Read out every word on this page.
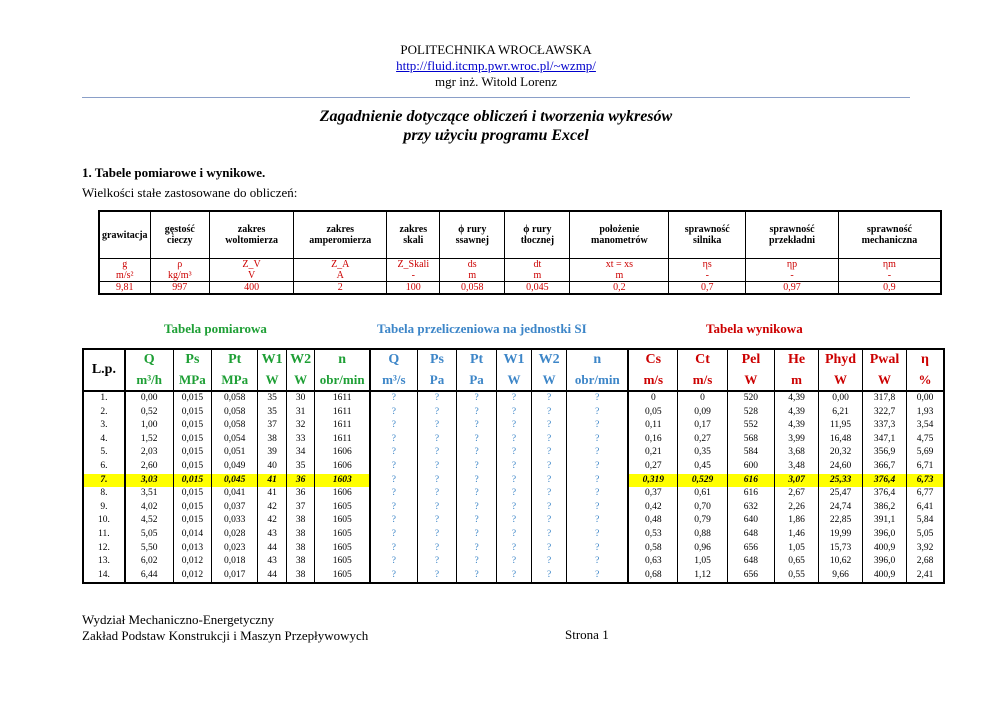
POLITECHNIKA WROCŁAWSKA
http://fluid.itcmp.pwr.wroc.pl/~wzmp/
mgr inż. Witold Lorenz
Zagadnienie dotyczące obliczeń i tworzenia wykresów
przy użyciu programu Excel
1. Tabele pomiarowe i wynikowe.
Wielkości stałe zastosowane do obliczeń:
grawitacja	gęstość cieczy	zakres woltomierza	zakres amperomierza	zakres skali	ϕ rury ssawnej	ϕ rury tłocznej	położenie manometrów	sprawność silnika	sprawność przekładni	sprawność mechaniczna
g	ρ	Z_V	Z_A	Z_Skali	ds	dt	xt = xs	ηs	ηp	ηm
m/s²	kg/m³	V	A	-	m	m	m	-	-	-
9,81	997	400	2	100	0,058	0,045	0,2	0,7	0,97	0,9
Tabela pomiarowa	Tabela przeliczeniowa na jednostki SI	Tabela wynikowa
L.p.	Q	Ps	Pt	W1	W2	n	Q	Ps	Pt	W1	W2	n	Cs	Ct	Pel	He	Phyd	Pwal	η
	m³/h	MPa	MPa	W	W	obr/min	m³/s	Pa	Pa	W	W	obr/min	m/s	m/s	W	m	W	W	%
1.	0,00	0,015	0,058	35	30	1611	?	?	?	?	?	?	0	0	520	4,39	0,00	317,8	0,00
2.	0,52	0,015	0,058	35	31	1611	?	?	?	?	?	?	0,05	0,09	528	4,39	6,21	322,7	1,93
3.	1,00	0,015	0,058	37	32	1611	?	?	?	?	?	?	0,11	0,17	552	4,39	11,95	337,3	3,54
4.	1,52	0,015	0,054	38	33	1611	?	?	?	?	?	?	0,16	0,27	568	3,99	16,48	347,1	4,75
5.	2,03	0,015	0,051	39	34	1606	?	?	?	?	?	?	0,21	0,35	584	3,68	20,32	356,9	5,69
6.	2,60	0,015	0,049	40	35	1606	?	?	?	?	?	?	0,27	0,45	600	3,48	24,60	366,7	6,71
7.	3,03	0,015	0,045	41	36	1603	?	?	?	?	?	?	0,319	0,529	616	3,07	25,33	376,4	6,73
8.	3,51	0,015	0,041	41	36	1606	?	?	?	?	?	?	0,37	0,61	616	2,67	25,47	376,4	6,77
9.	4,02	0,015	0,037	42	37	1605	?	?	?	?	?	?	0,42	0,70	632	2,26	24,74	386,2	6,41
10.	4,52	0,015	0,033	42	38	1605	?	?	?	?	?	?	0,48	0,79	640	1,86	22,85	391,1	5,84
11.	5,05	0,014	0,028	43	38	1605	?	?	?	?	?	?	0,53	0,88	648	1,46	19,99	396,0	5,05
12.	5,50	0,013	0,023	44	38	1605	?	?	?	?	?	?	0,58	0,96	656	1,05	15,73	400,9	3,92
13.	6,02	0,012	0,018	43	38	1605	?	?	?	?	?	?	0,63	1,05	648	0,65	10,62	396,0	2,68
14.	6,44	0,012	0,017	44	38	1605	?	?	?	?	?	?	0,68	1,12	656	0,55	9,66	400,9	2,41
Wydział Mechaniczno-Energetyczny
Zakład Podstaw Konstrukcji i Maszyn Przepływowych	Strona 1
